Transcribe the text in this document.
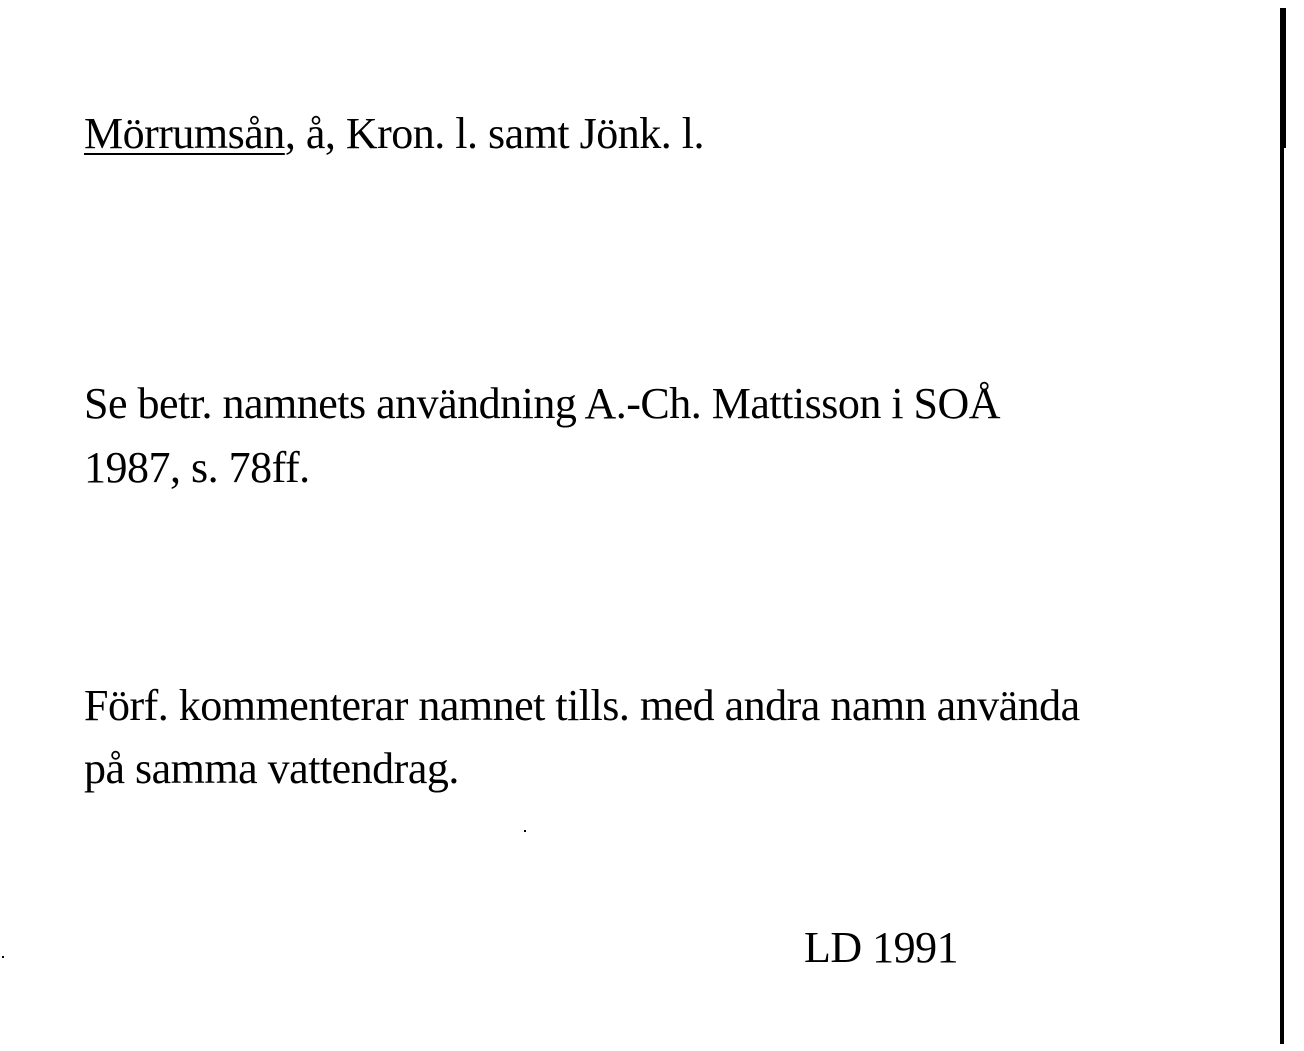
Mörrumsån, å, Kron. l. samt Jönk. l.
Se betr. namnets användning A.-Ch. Mattisson i SOÅ
1987, s. 78ff.
Förf. kommenterar namnet tills. med andra namn använda
på samma vattendrag.
LD 1991
